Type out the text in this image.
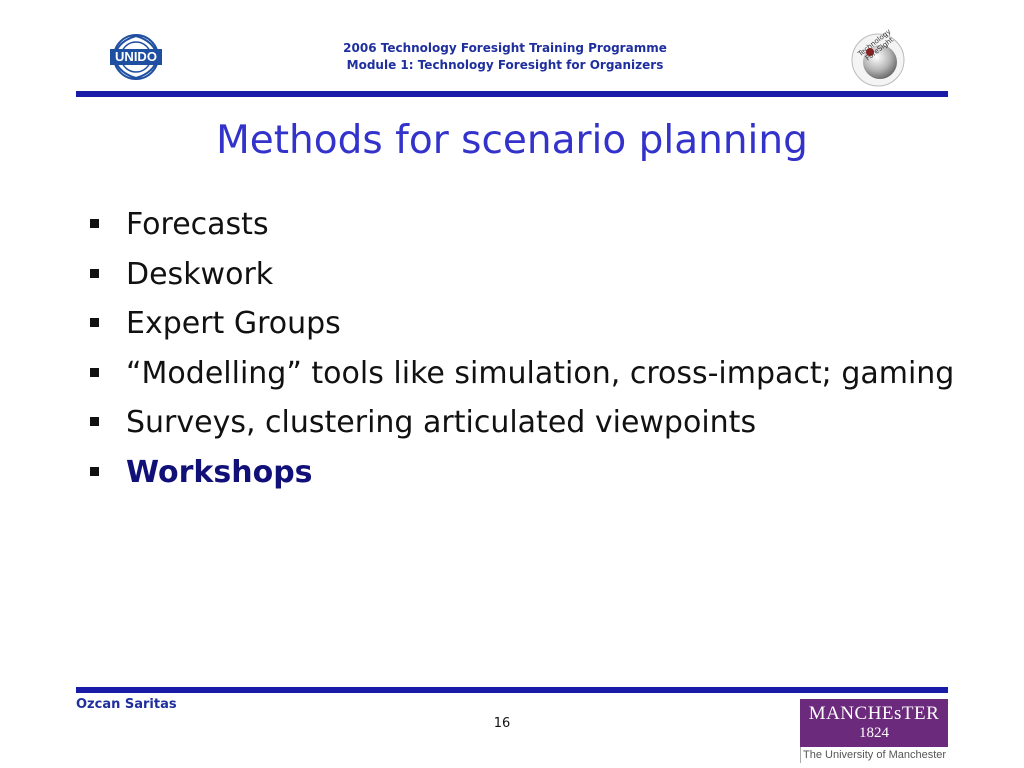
UNIDO
2006 Technology Foresight Training Programme
Module 1: Technology Foresight for Organizers
Technology ForeSight
Methods for scenario planning
Forecasts
Deskwork
Expert Groups
“Modelling” tools like simulation, cross-impact; gaming
Surveys, clustering articulated viewpoints
Workshops
Ozcan Saritas
16	MANCHEsTER
1824
The University of Manchester
